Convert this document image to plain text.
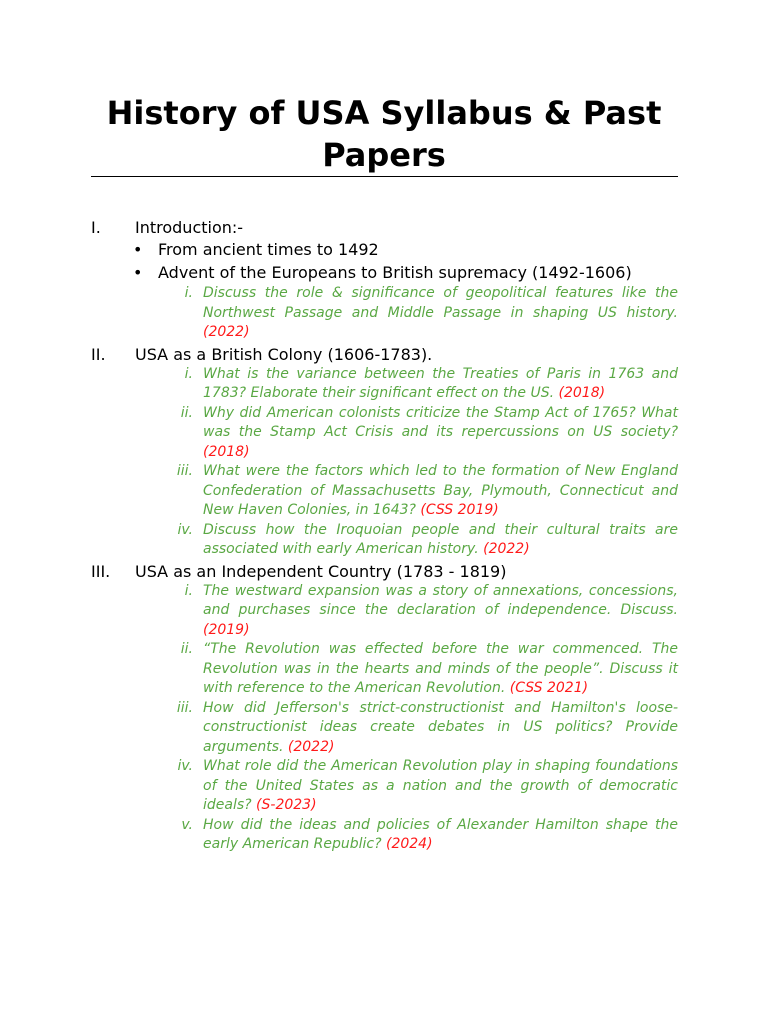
History of USA Syllabus & Past Papers
I. Introduction:-
• From ancient times to 1492
• Advent of the Europeans to British supremacy (1492-1606)
i. Discuss the role & significance of geopolitical features like the Northwest Passage and Middle Passage in shaping US history. (2022)
II. USA as a British Colony (1606-1783).
i. What is the variance between the Treaties of Paris in 1763 and 1783? Elaborate their significant effect on the US. (2018)
ii. Why did American colonists criticize the Stamp Act of 1765? What was the Stamp Act Crisis and its repercussions on US society? (2018)
iii. What were the factors which led to the formation of New England Confederation of Massachusetts Bay, Plymouth, Connecticut and New Haven Colonies, in 1643? (CSS 2019)
iv. Discuss how the Iroquoian people and their cultural traits are associated with early American history. (2022)
III. USA as an Independent Country (1783 - 1819)
i. The westward expansion was a story of annexations, concessions, and purchases since the declaration of independence. Discuss. (2019)
ii. “The Revolution was effected before the war commenced. The Revolution was in the hearts and minds of the people”. Discuss it with reference to the American Revolution. (CSS 2021)
iii. How did Jefferson's strict-constructionist and Hamilton's loose-constructionist ideas create debates in US politics? Provide arguments. (2022)
iv. What role did the American Revolution play in shaping foundations of the United States as a nation and the growth of democratic ideals? (S-2023)
v. How did the ideas and policies of Alexander Hamilton shape the early American Republic? (2024)
